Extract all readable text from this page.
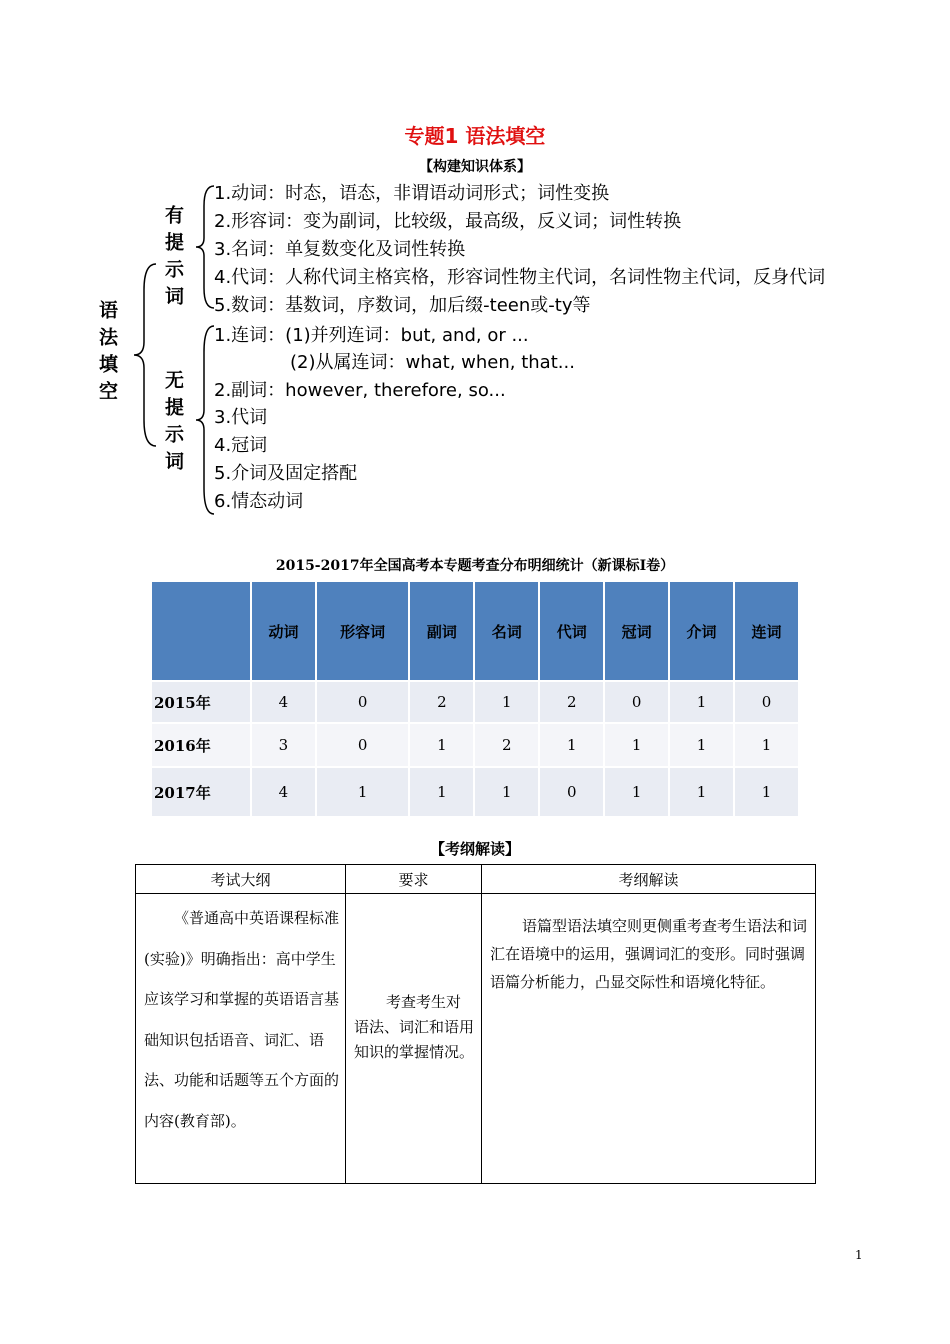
专题1 语法填空
【构建知识体系】
语法填空
有提示词
无提示词
1.动词：时态，语态，非谓语动词形式；词性变换
2.形容词：变为副词，比较级，最高级，反义词；词性转换
3.名词：单复数变化及词性转换
4.代词：人称代词主格宾格，形容词性物主代词，名词性物主代词，反身代词
5.数词：基数词，序数词，加后缀-teen或-ty等
1.连词：(1)并列连词：but, and, or ...
(2)从属连词：what, when, that...
2.副词：however, therefore, so...
3.代词
4.冠词
5.介词及固定搭配
6.情态动词
2015-2017年全国高考本专题考查分布明细统计（新课标I卷）
	动词	形容词	副词	名词	代词	冠词	介词	连词
2015年	4	0	2	1	2	0	1	0
2016年	3	0	1	2	1	1	1	1
2017年	4	1	1	1	0	1	1	1
【考纲解读】
考试大纲	要求	考纲解读
《普通高中英语课程标准(实验)》明确指出：高中学生应该学习和掌握的英语语言基础知识包括语音、词汇、语法、功能和话题等五个方面的内容(教育部)。	考查考生对语法、词汇和语用知识的掌握情况。	语篇型语法填空则更侧重考查考生语法和词汇在语境中的运用，强调词汇的变形。同时强调语篇分析能力，凸显交际性和语境化特征。
1
